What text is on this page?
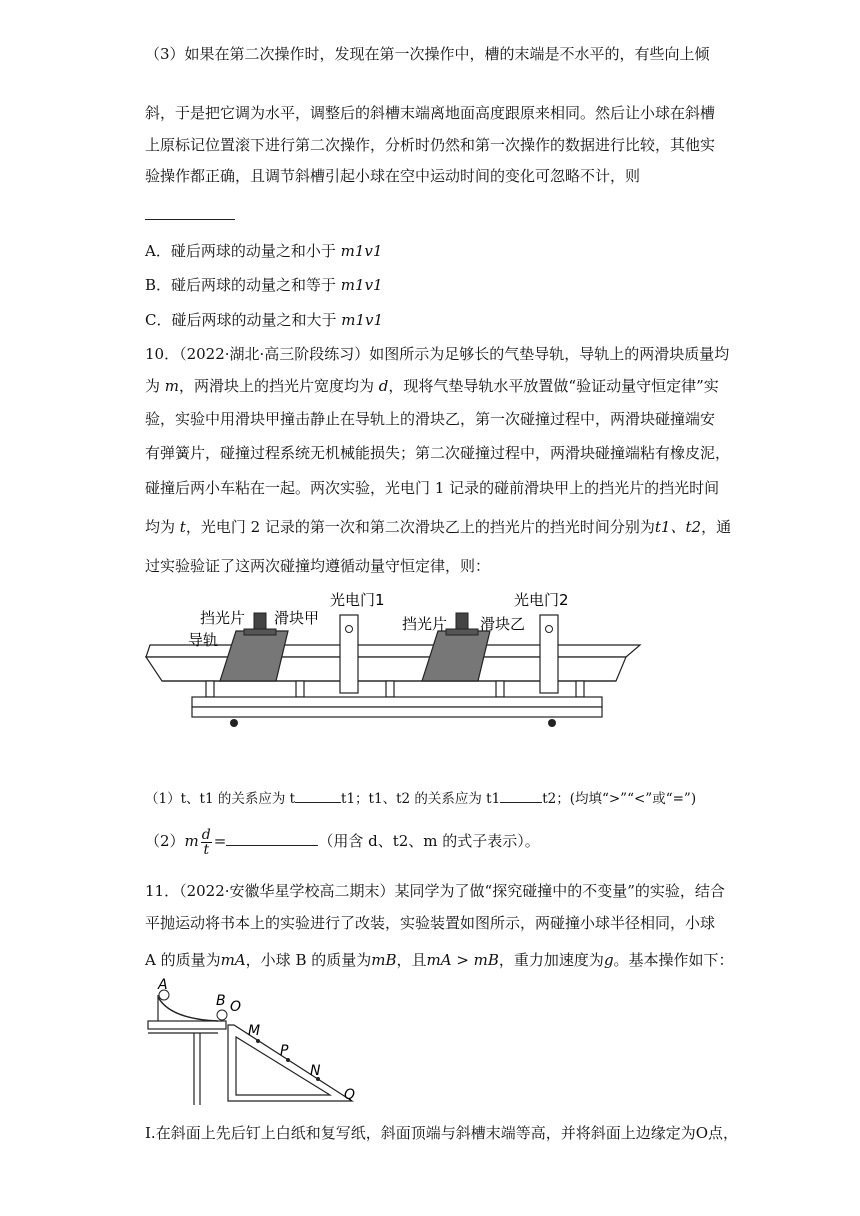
（3）如果在第二次操作时，发现在第一次操作中，槽的末端是不水平的，有些向上倾
斜，于是把它调为水平，调整后的斜槽末端离地面高度跟原来相同。然后让小球在斜槽
上原标记位置滚下进行第二次操作，分析时仍然和第一次操作的数据进行比较，其他实
验操作都正确，且调节斜槽引起小球在空中运动时间的变化可忽略不计，则
A．碰后两球的动量之和小于 m1v1
B．碰后两球的动量之和等于 m1v1
C．碰后两球的动量之和大于 m1v1
10．（2022·湖北·高三阶段练习）如图所示为足够长的气垫导轨，导轨上的两滑块质量均
为 m，两滑块上的挡光片宽度均为 d，现将气垫导轨水平放置做“验证动量守恒定律”实
验，实验中用滑块甲撞击静止在导轨上的滑块乙，第一次碰撞过程中，两滑块碰撞端安
有弹簧片，碰撞过程系统无机械能损失；第二次碰撞过程中，两滑块碰撞端粘有橡皮泥，
碰撞后两小车粘在一起。两次实验，光电门 1 记录的碰前滑块甲上的挡光片的挡光时间
均为 t，光电门 2 记录的第一次和第二次滑块乙上的挡光片的挡光时间分别为t1、t2，通
过实验验证了这两次碰撞均遵循动量守恒定律，则：
挡光片 滑块甲
导轨
光电门1
挡光片 滑块乙
光电门2
（1）t、t1 的关系应为 t	t1；t1、t2 的关系应为 t1	t2；(均填“>”“<”或“=”)
$(2)m \frac{d}{t}$ =	（用含 d、t2、m 的式子表示）。
11．（2022·安徽华星学校高二期末）某同学为了做“探究碰撞中的不变量”的实验，结合
平抛运动将书本上的实验进行了改装，实验装置如图所示，两碰撞小球半径相同，小球
A 的质量为mA，小球 B 的质量为mB，且mA > mB，重力加速度为g。基本操作如下：
A
B O
M
P
N
Q
I.在斜面上先后钉上白纸和复写纸，斜面顶端与斜槽末端等高，并将斜面上边缘定为O点，
